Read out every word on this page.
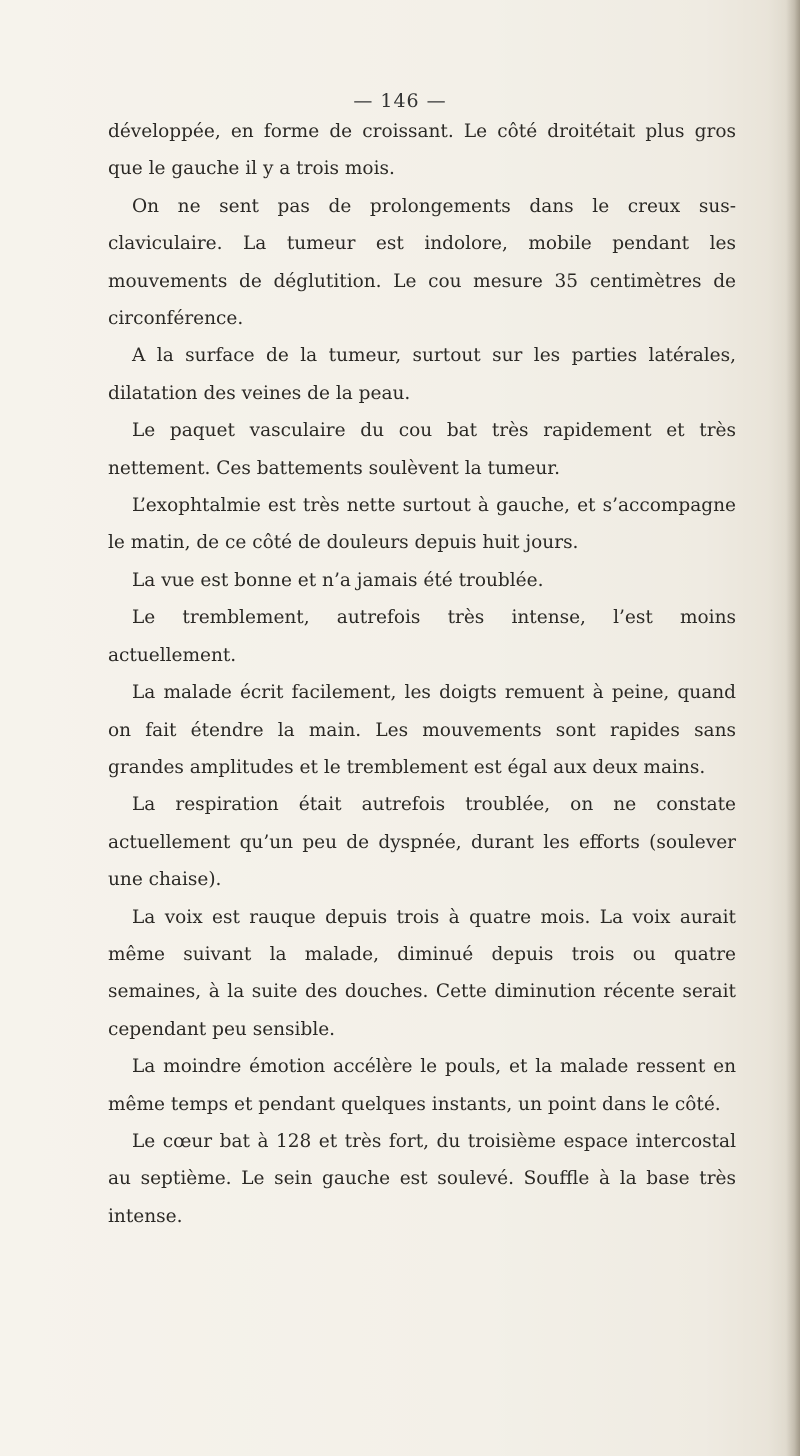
— 146 —

développée, en forme de croissant. Le côté droitétait plus gros que le gauche il y a trois mois.

On ne sent pas de prolongements dans le creux sus-claviculaire. La tumeur est indolore, mobile pendant les mouvements de déglutition. Le cou mesure 35 centimètres de circonférence.

A la surface de la tumeur, surtout sur les parties latérales, dilatation des veines de la peau.

Le paquet vasculaire du cou bat très rapidement et très nettement. Ces battements soulèvent la tumeur.

L’exophtalmie est très nette surtout à gauche, et s’accompagne le matin, de ce côté de douleurs depuis huit jours.

La vue est bonne et n’a jamais été troublée.

Le tremblement, autrefois très intense, l’est moins actuellement.

La malade écrit facilement, les doigts remuent à peine, quand on fait étendre la main. Les mouvements sont rapides sans grandes amplitudes et le tremblement est égal aux deux mains.

La respiration était autrefois troublée, on ne constate actuellement qu’un peu de dyspnée, durant les efforts (soulever une chaise).

La voix est rauque depuis trois à quatre mois. La voix aurait même suivant la malade, diminué depuis trois ou quatre semaines, à la suite des douches. Cette diminution récente serait cependant peu sensible.

La moindre émotion accélère le pouls, et la malade ressent en même temps et pendant quelques instants, un point dans le côté.

Le cœur bat à 128 et très fort, du troisième espace intercostal au septième. Le sein gauche est soulevé. Souffle à la base très intense.
